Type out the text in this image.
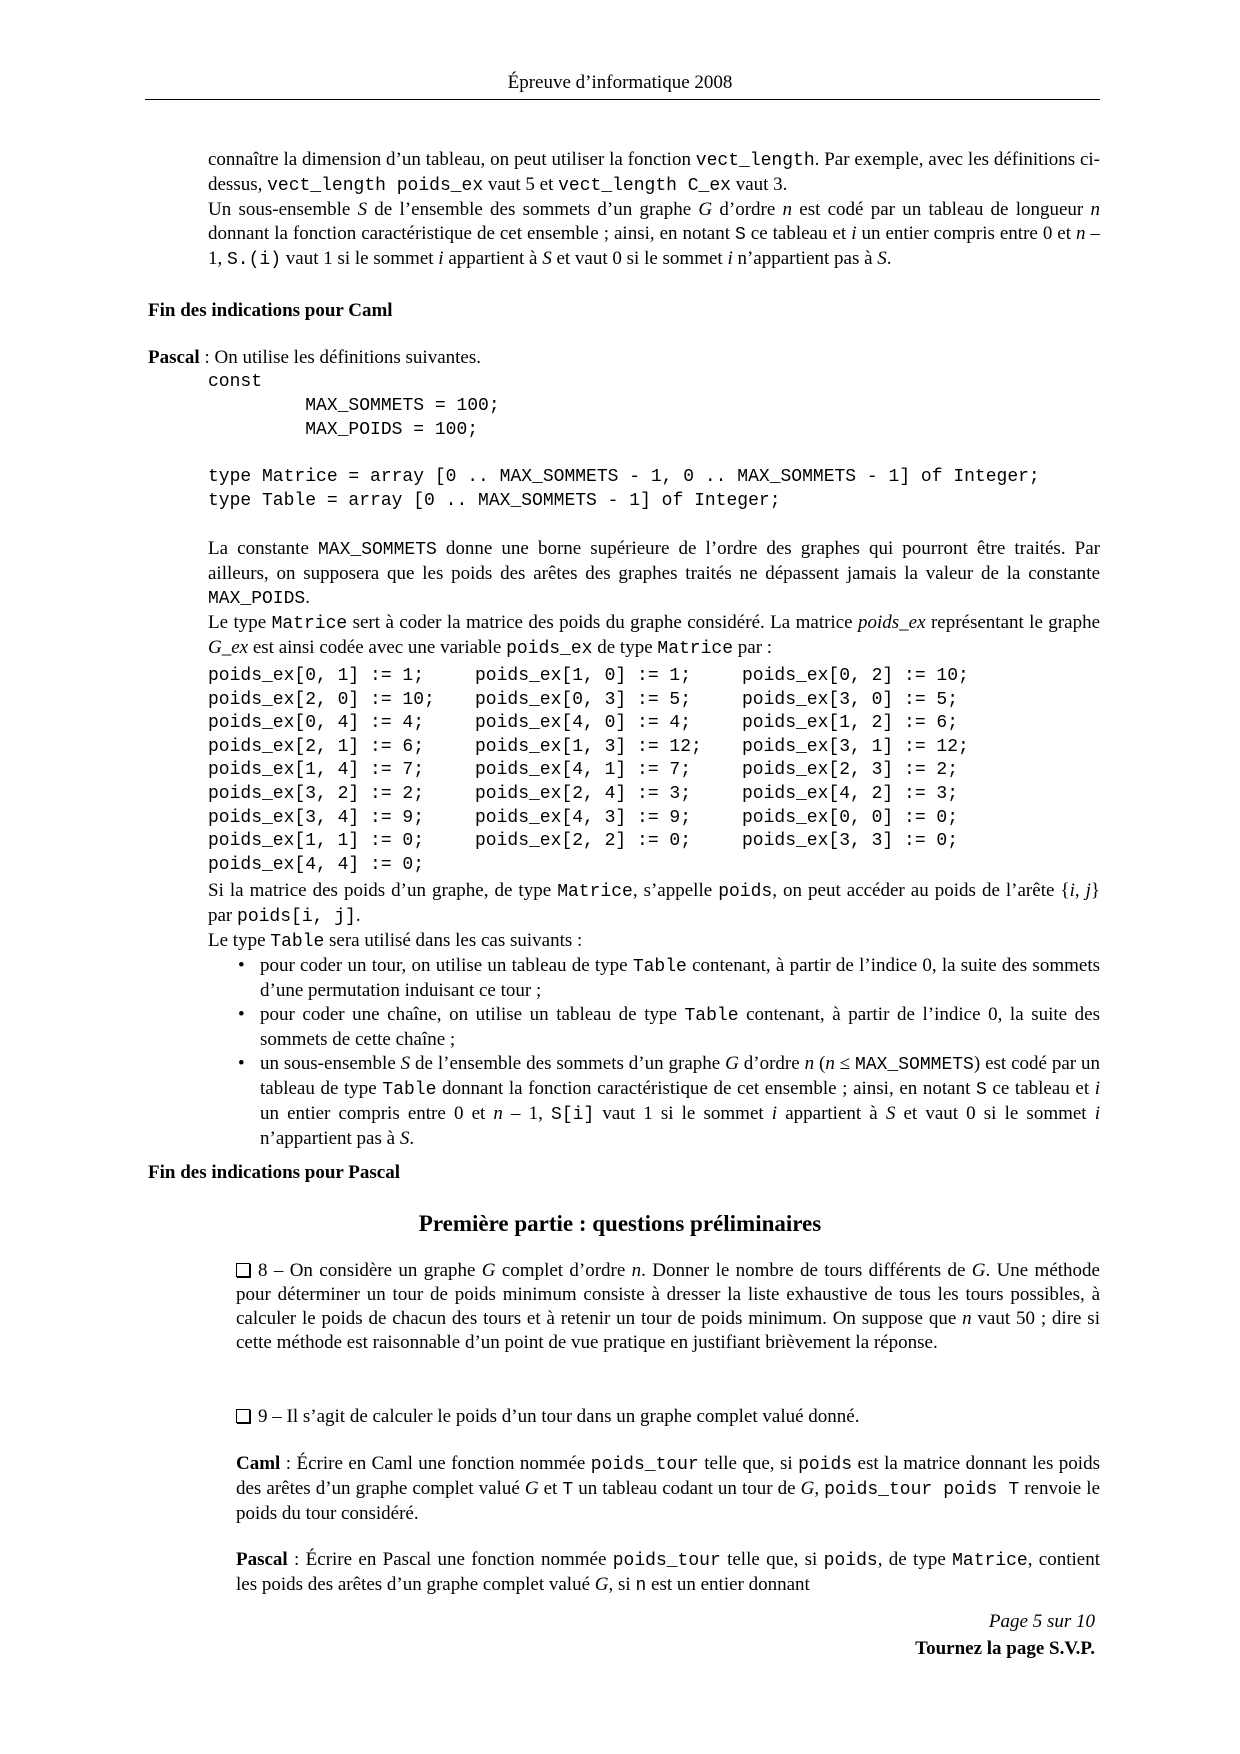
Épreuve d’informatique 2008

connaître la dimension d’un tableau, on peut utiliser la fonction vect_length. Par exemple, avec les définitions ci-dessus, vect_length poids_ex vaut 5 et vect_length C_ex vaut 3.

Un sous-ensemble S de l’ensemble des sommets d’un graphe G d’ordre n est codé par un tableau de longueur n donnant la fonction caractéristique de cet ensemble ; ainsi, en notant S ce tableau et i un entier compris entre 0 et n – 1, S.(i) vaut 1 si le sommet i appartient à S et vaut 0 si le sommet i n’appartient pas à S.

Fin des indications pour Caml
Pascal : On utilise les définitions suivantes.
const
MAX_SOMMETS = 100;
MAX_POIDS = 100;
type Matrice = array [0 .. MAX_SOMMETS - 1, 0 .. MAX_SOMMETS - 1] of Integer;
type Table = array [0 .. MAX_SOMMETS - 1] of Integer;

La constante MAX_SOMMETS donne une borne supérieure de l’ordre des graphes qui pourront être traités. Par ailleurs, on supposera que les poids des arêtes des graphes traités ne dépassent jamais la valeur de la constante MAX_POIDS.

Le type Matrice sert à coder la matrice des poids du graphe considéré. La matrice poids_ex représentant le graphe G_ex est ainsi codée avec une variable poids_ex de type Matrice par :

poids_ex[0, 1] := 1;	poids_ex[1, 0] := 1;	poids_ex[0, 2] := 10;
poids_ex[2, 0] := 10;	poids_ex[0, 3] := 5;	poids_ex[3, 0] := 5;
poids_ex[0, 4] := 4;	poids_ex[4, 0] := 4;	poids_ex[1, 2] := 6;
poids_ex[2, 1] := 6;	poids_ex[1, 3] := 12;	poids_ex[3, 1] := 12;
poids_ex[1, 4] := 7;	poids_ex[4, 1] := 7;	poids_ex[2, 3] := 2;
poids_ex[3, 2] := 2;	poids_ex[2, 4] := 3;	poids_ex[4, 2] := 3;
poids_ex[3, 4] := 9;	poids_ex[4, 3] := 9;	poids_ex[0, 0] := 0;
poids_ex[1, 1] := 0;	poids_ex[2, 2] := 0;	poids_ex[3, 3] := 0;
poids_ex[4, 4] := 0;		

Si la matrice des poids d’un graphe, de type Matrice, s’appelle poids, on peut accéder au poids de l’arête {i, j} par poids[i, j].

Le type Table sera utilisé dans les cas suivants :

• pour coder un tour, on utilise un tableau de type Table contenant, à partir de l’indice 0, la suite des sommets d’une permutation induisant ce tour ;

• pour coder une chaîne, on utilise un tableau de type Table contenant, à partir de l’indice 0, la suite des sommets de cette chaîne ;

• un sous-ensemble S de l’ensemble des sommets d’un graphe G d’ordre n (n ≤ MAX_SOMMETS) est codé par un tableau de type Table donnant la fonction caractéristique de cet ensemble ; ainsi, en notant S ce tableau et i un entier compris entre 0 et n – 1, S[i] vaut 1 si le sommet i appartient à S et vaut 0 si le sommet i n’appartient pas à S.

Fin des indications pour Pascal
Première partie : questions préliminaires

8 – On considère un graphe G complet d’ordre n. Donner le nombre de tours différents de G. Une méthode pour déterminer un tour de poids minimum consiste à dresser la liste exhaustive de tous les tours possibles, à calculer le poids de chacun des tours et à retenir un tour de poids minimum. On suppose que n vaut 50 ; dire si cette méthode est raisonnable d’un point de vue pratique en justifiant brièvement la réponse.

9 – Il s’agit de calculer le poids d’un tour dans un graphe complet valué donné.

Caml : Écrire en Caml une fonction nommée poids_tour telle que, si poids est la matrice donnant les poids des arêtes d’un graphe complet valué G et T un tableau codant un tour de G, poids_tour poids T renvoie le poids du tour considéré.

Pascal : Écrire en Pascal une fonction nommée poids_tour telle que, si poids, de type Matrice, contient les poids des arêtes d’un graphe complet valué G, si n est un entier donnant

Page 5 sur 10
Tournez la page S.V.P.
